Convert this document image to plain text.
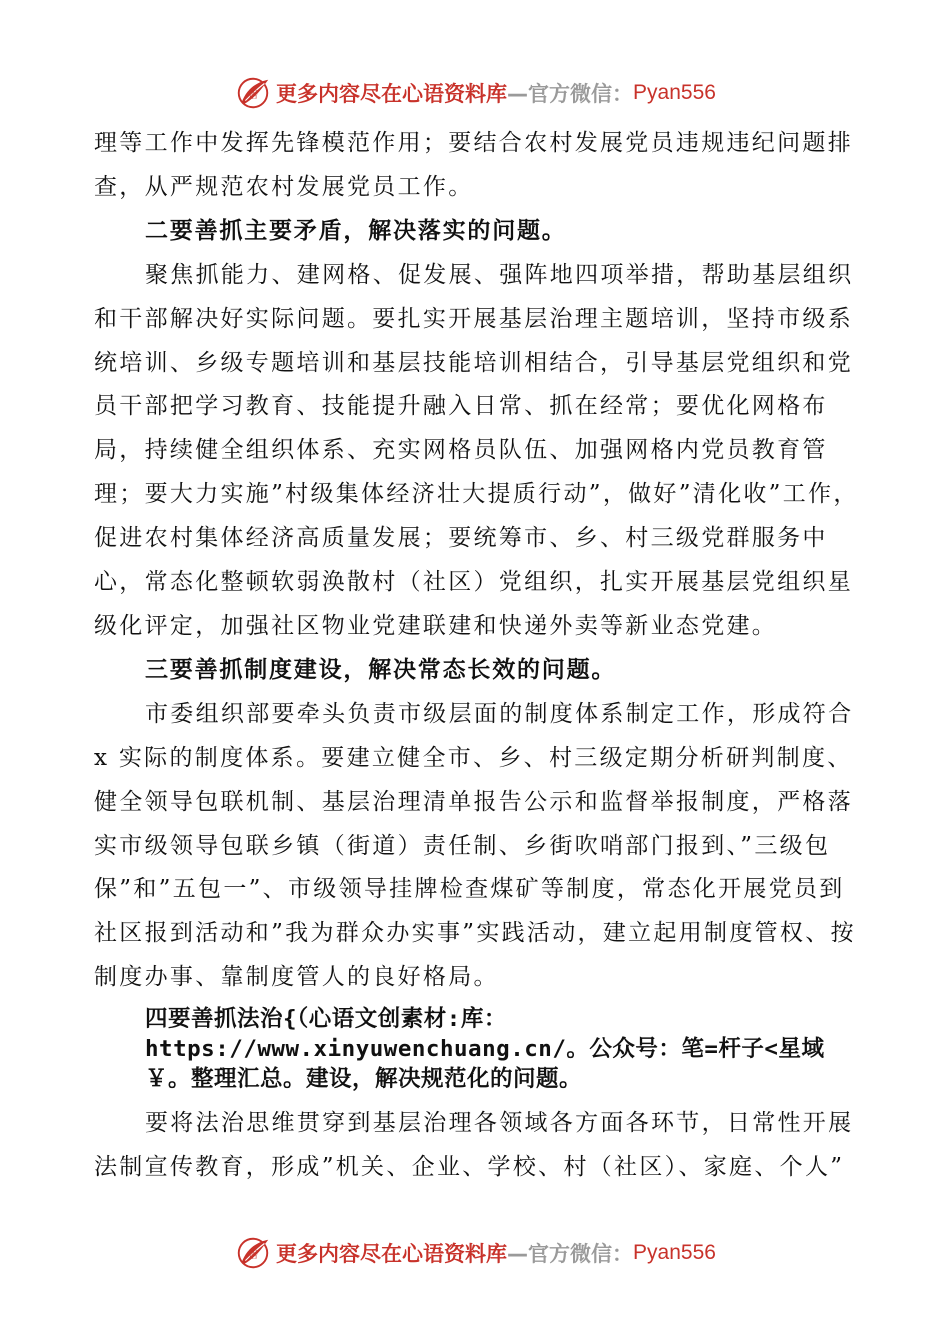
语 更多内容尽在心语资料库 —官方微信： Pyan556

理等工作中发挥先锋模范作用；要结合农村发展党员违规违纪问题排查，从严规范农村发展党员工作。

二要善抓主要矛盾，解决落实的问题。

聚焦抓能力、建网格、促发展、强阵地四项举措，帮助基层组织和干部解决好实际问题。要扎实开展基层治理主题培训，坚持市级系统培训、乡级专题培训和基层技能培训相结合，引导基层党组织和党员干部把学习教育、技能提升融入日常、抓在经常；要优化网格布局，持续健全组织体系、充实网格员队伍、加强网格内党员教育管理；要大力实施”村级集体经济壮大提质行动”，做好”清化收”工作，促进农村集体经济高质量发展；要统筹市、乡、村三级党群服务中心，常态化整顿软弱涣散村（社区）党组织，扎实开展基层党组织星级化评定，加强社区物业党建联建和快递外卖等新业态党建。

三要善抓制度建设，解决常态长效的问题。

市委组织部要牵头负责市级层面的制度体系制定工作，形成符合 x 实际的制度体系。要建立健全市、乡、村三级定期分析研判制度、健全领导包联机制、基层治理清单报告公示和监督举报制度，严格落实市级领导包联乡镇（街道）责任制、乡街吹哨部门报到、”三级包保”和”五包一”、市级领导挂牌检查煤矿等制度，常态化开展党员到社区报到活动和”我为群众办实事”实践活动，建立起用制度管权、按制度办事、靠制度管人的良好格局。

四要善抓法治{（心语文创素材:库：https://www.xinyuwenchuang.cn/。公众号：笔=杆子<星域￥。整理汇总。建设，解决规范化的问题。

要将法治思维贯穿到基层治理各领域各方面各环节，日常性开展法制宣传教育，形成”机关、企业、学校、村（社区）、家庭、个人”

语 更多内容尽在心语资料库 —官方微信： Pyan556
